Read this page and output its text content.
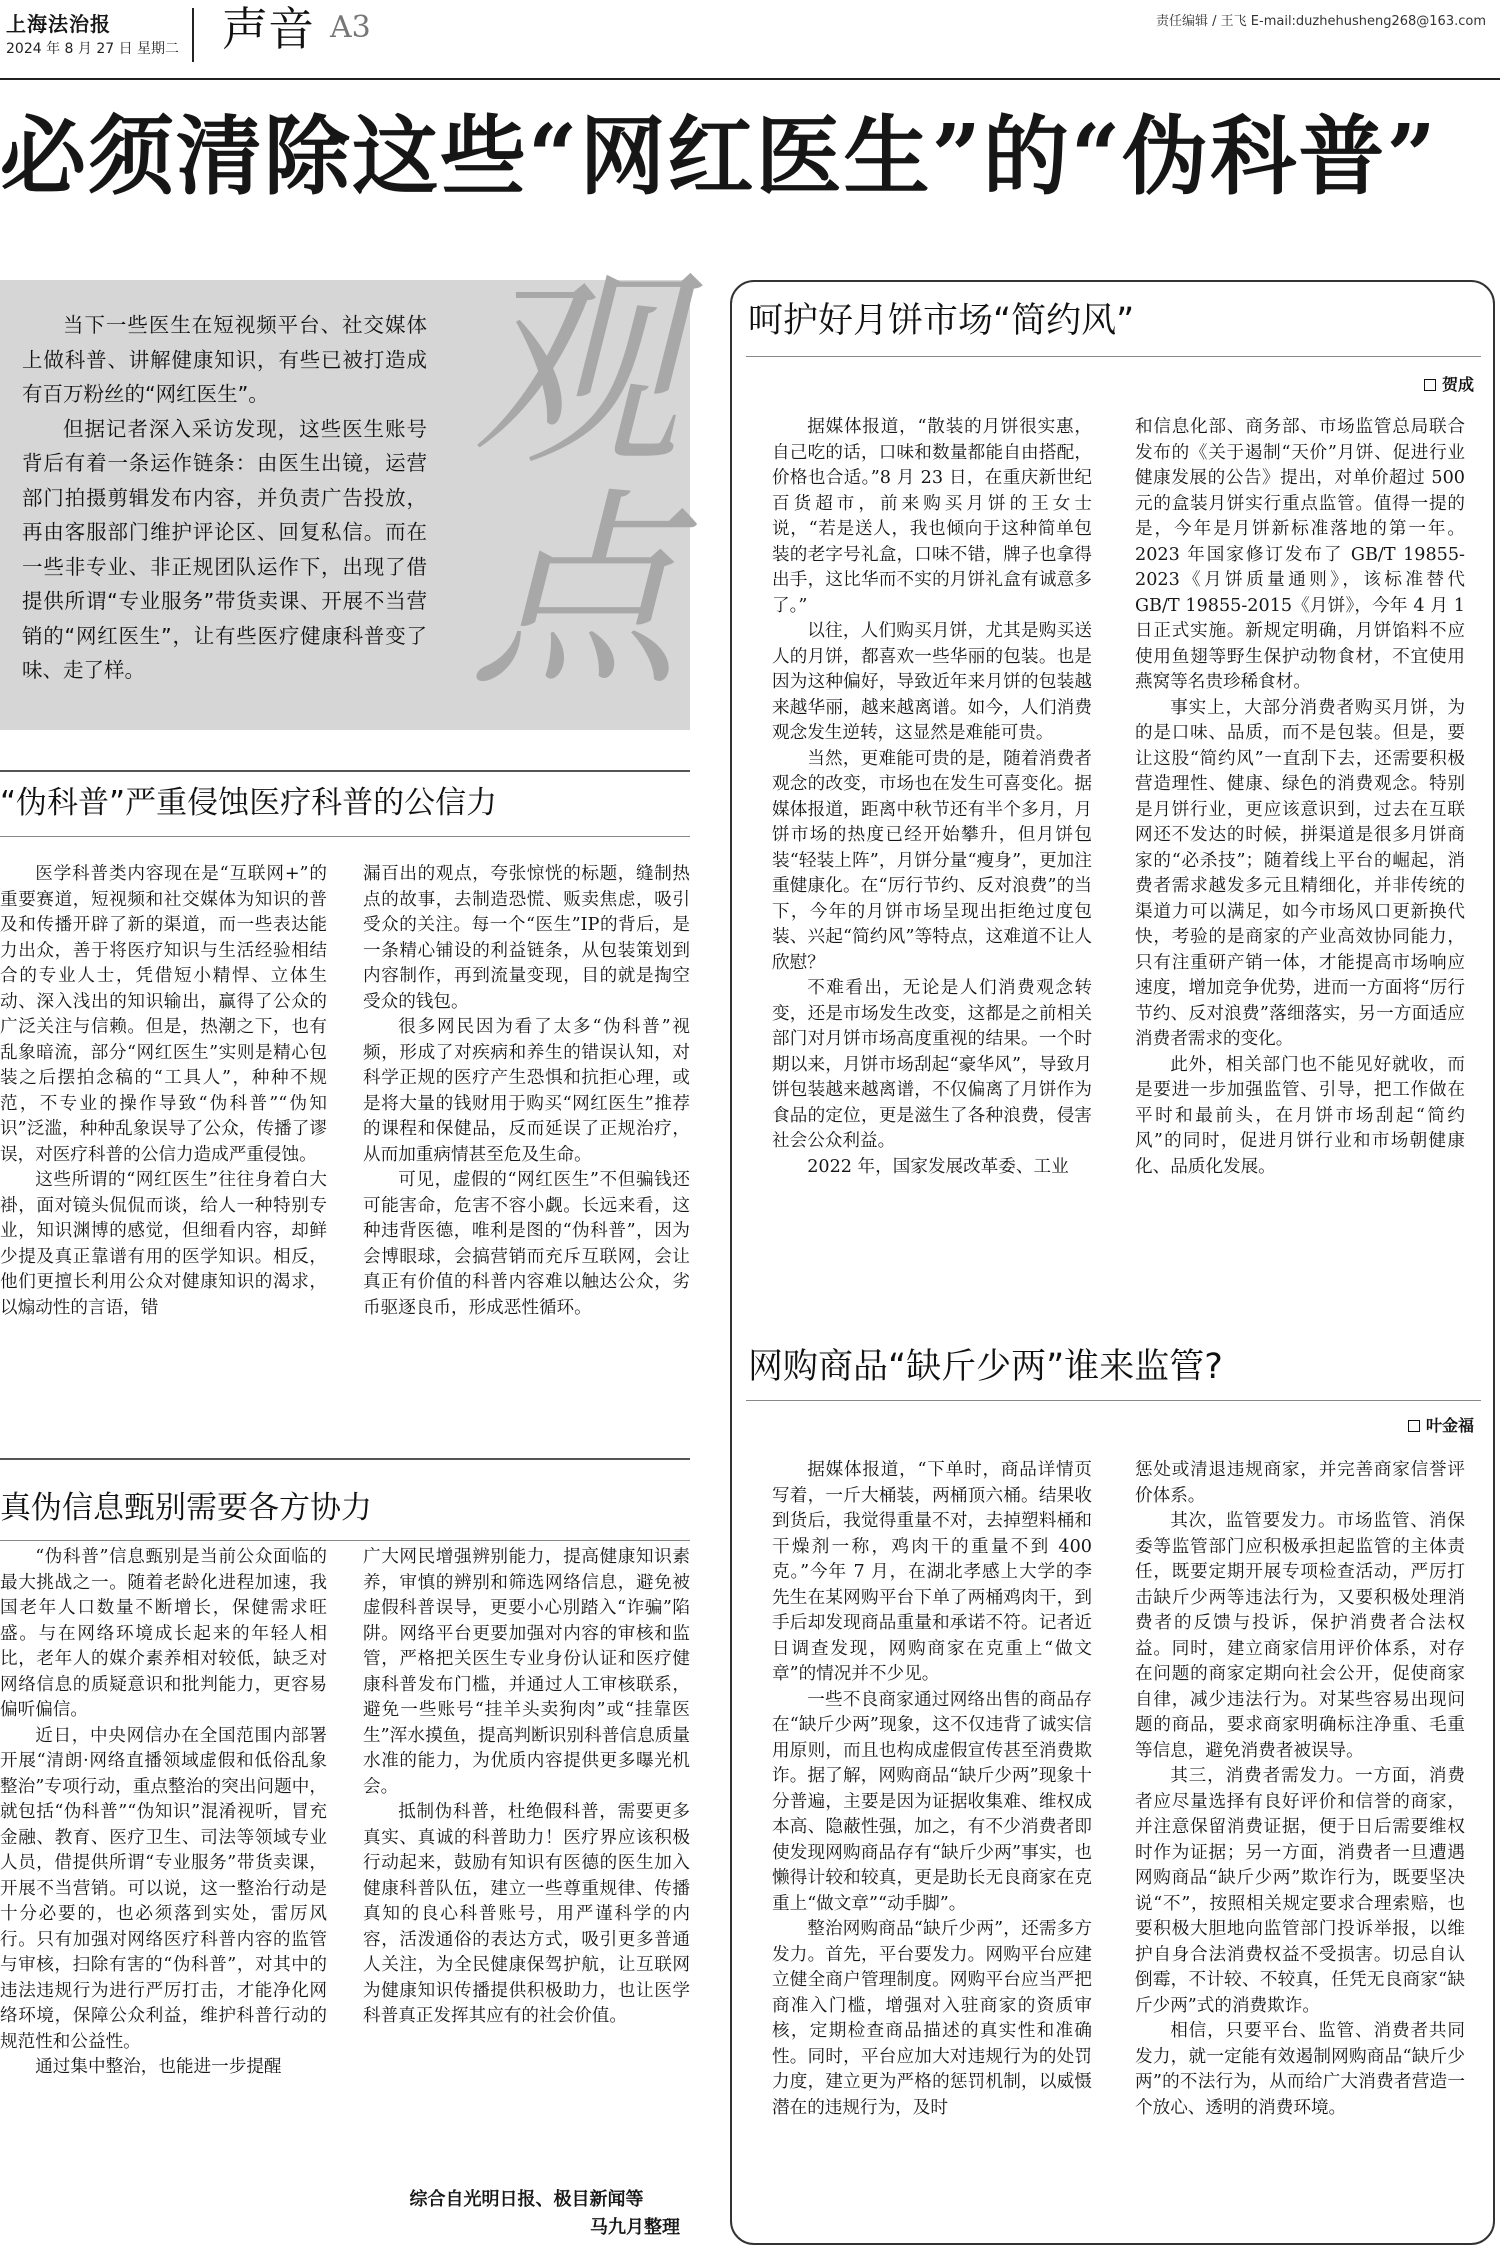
上海法治报
2024 年 8 月 27 日 星期二 声音 A3	责任编辑 / 王飞 E-mail:duzhehusheng268@163.com
必须清除这些“网红医生”的“伪科普”
观点

当下一些医生在短视频平台、社交媒体上做科普、讲解健康知识，有些已被打造成有百万粉丝的“网红医生”。

但据记者深入采访发现，这些医生账号背后有着一条运作链条：由医生出镜，运营部门拍摄剪辑发布内容，并负责广告投放，再由客服部门维护评论区、回复私信。而在一些非专业、非正规团队运作下，出现了借提供所谓“专业服务”带货卖课、开展不当营销的“网红医生”，让有些医疗健康科普变了味、走了样。

“伪科普”严重侵蚀医疗科普的公信力

医学科普类内容现在是“互联网+”的重要赛道，短视频和社交媒体为知识的普及和传播开辟了新的渠道，而一些表达能力出众，善于将医疗知识与生活经验相结合的专业人士，凭借短小精悍、立体生动、深入浅出的知识输出，赢得了公众的广泛关注与信赖。但是，热潮之下，也有乱象暗流，部分“网红医生”实则是精心包装之后摆拍念稿的“工具人”，种种不规范，不专业的操作导致“伪科普”“伪知识”泛滥，种种乱象误导了公众，传播了谬误，对医疗科普的公信力造成严重侵蚀。

这些所谓的“网红医生”往往身着白大褂，面对镜头侃侃而谈，给人一种特别专业，知识渊博的感觉，但细看内容，却鲜少提及真正靠谱有用的医学知识。相反，他们更擅长利用公众对健康知识的渴求，以煽动性的言语，错

漏百出的观点，夸张惊恍的标题，缝制热点的故事，去制造恐慌、贩卖焦虑，吸引受众的关注。每一个“医生”IP的背后，是一条精心铺设的利益链条，从包装策划到内容制作，再到流量变现，目的就是掏空受众的钱包。

很多网民因为看了太多“伪科普”视频，形成了对疾病和养生的错误认知，对科学正规的医疗产生恐惧和抗拒心理，或是将大量的钱财用于购买“网红医生”推荐的课程和保健品，反而延误了正规治疗，从而加重病情甚至危及生命。

可见，虚假的“网红医生”不但骗钱还可能害命，危害不容小觑。长远来看，这种违背医德，唯利是图的“伪科普”，因为会博眼球，会搞营销而充斥互联网，会让真正有价值的科普内容难以触达公众，劣币驱逐良币，形成恶性循环。

真伪信息甄别需要各方协力

“伪科普”信息甄别是当前公众面临的最大挑战之一。随着老龄化进程加速，我国老年人口数量不断增长，保健需求旺盛。与在网络环境成长起来的年轻人相比，老年人的媒介素养相对较低，缺乏对网络信息的质疑意识和批判能力，更容易偏听偏信。

近日，中央网信办在全国范围内部署开展“清朗·网络直播领域虚假和低俗乱象整治”专项行动，重点整治的突出问题中，就包括“伪科普”“伪知识”混淆视听，冒充金融、教育、医疗卫生、司法等领域专业人员，借提供所谓“专业服务”带货卖课，开展不当营销。可以说，这一整治行动是十分必要的，也必须落到实处，雷厉风行。只有加强对网络医疗科普内容的监管与审核，扫除有害的“伪科普”，对其中的违法违规行为进行严厉打击，才能净化网络环境，保障公众利益，维护科普行动的规范性和公益性。

通过集中整治，也能进一步提醒

广大网民增强辨别能力，提高健康知识素养，审慎的辨别和筛选网络信息，避免被虚假科普误导，更要小心別踏入“诈骗”陷阱。网络平台更要加强对内容的审核和监管，严格把关医生专业身份认证和医疗健康科普发布门槛，并通过人工审核联系，避免一些账号“挂羊头卖狗肉”或“挂靠医生”浑水摸鱼，提高判断识别科普信息质量水准的能力，为优质内容提供更多曝光机会。

抵制伪科普，杜绝假科普，需要更多真实、真诚的科普助力！医疗界应该积极行动起来，鼓励有知识有医德的医生加入健康科普队伍，建立一些尊重规律、传播真知的良心科普账号，用严谨科学的内容，活泼通俗的表达方式，吸引更多普通人关注，为全民健康保驾护航，让互联网为健康知识传播提供积极助力，也让医学科普真正发挥其应有的社会价值。

综合自光明日报、极目新闻等
马九月整理
呵护好月饼市场“简约风”
贺成

据媒体报道，“散装的月饼很实惠，自己吃的话，口味和数量都能自由搭配，价格也合适。”8 月 23 日，在重庆新世纪百货超市，前来购买月饼的王女士说，“若是送人，我也倾向于这种简单包装的老字号礼盒，口味不错，牌子也拿得出手，这比华而不实的月饼礼盒有诚意多了。”

以往，人们购买月饼，尤其是购买送人的月饼，都喜欢一些华丽的包装。也是因为这种偏好，导致近年来月饼的包装越来越华丽，越来越离谱。如今，人们消费观念发生逆转，这显然是难能可贵。

当然，更难能可贵的是，随着消费者观念的改变，市场也在发生可喜变化。据媒体报道，距离中秋节还有半个多月，月饼市场的热度已经开始攀升，但月饼包装“轻装上阵”，月饼分量“瘦身”，更加注重健康化。在“厉行节约、反对浪费”的当下，今年的月饼市场呈现出拒绝过度包装、兴起“简约风”等特点，这难道不让人欣慰？

不难看出，无论是人们消费观念转变，还是市场发生改变，这都是之前相关部门对月饼市场高度重视的结果。一个时期以来，月饼市场刮起“豪华风”，导致月饼包装越来越离谱，不仅偏离了月饼作为食品的定位，更是滋生了各种浪费，侵害社会公众利益。

2022 年，国家发展改革委、工业

和信息化部、商务部、市场监管总局联合发布的《关于遏制“天价”月饼、促进行业健康发展的公告》提出，对单价超过 500 元的盒装月饼实行重点监管。值得一提的是，今年是月饼新标准落地的第一年。2023 年国家修订发布了 GB/T 19855-2023《月饼质量通则》，该标准替代 GB/T 19855-2015《月饼》，今年 4 月 1 日正式实施。新规定明确，月饼馅料不应使用鱼翅等野生保护动物食材，不宜使用燕窝等名贵珍稀食材。

事实上，大部分消费者购买月饼，为的是口味、品质，而不是包装。但是，要让这股“简约风”一直刮下去，还需要积极营造理性、健康、绿色的消费观念。特别是月饼行业，更应该意识到，过去在互联网还不发达的时候，拼渠道是很多月饼商家的“必杀技”；随着线上平台的崛起，消费者需求越发多元且精细化，并非传统的渠道力可以满足，如今市场风口更新换代快，考验的是商家的产业高效协同能力，只有注重研产销一体，才能提高市场响应速度，增加竞争优势，进而一方面将“厉行节约、反对浪费”落细落实，另一方面适应消费者需求的变化。

此外，相关部门也不能见好就收，而是要进一步加强监管、引导，把工作做在平时和最前头，在月饼市场刮起“简约风”的同时，促进月饼行业和市场朝健康化、品质化发展。

网购商品“缺斤少两”谁来监管?
叶金福

据媒体报道，“下单时，商品详情页写着，一斤大桶装，两桶顶六桶。结果收到货后，我觉得重量不对，去掉塑料桶和干燥剂一称，鸡肉干的重量不到 400 克。”今年 7 月，在湖北孝感上大学的李先生在某网购平台下单了两桶鸡肉干，到手后却发现商品重量和承诺不符。记者近日调查发现，网购商家在克重上“做文章”的情况并不少见。

一些不良商家通过网络出售的商品存在“缺斤少两”现象，这不仅违背了诚实信用原则，而且也构成虚假宣传甚至消费欺诈。据了解，网购商品“缺斤少两”现象十分普遍，主要是因为证据收集难、维权成本高、隐蔽性强，加之，有不少消费者即使发现网购商品存有“缺斤少两”事实，也懒得计较和较真，更是助长无良商家在克重上“做文章”“动手脚”。

整治网购商品“缺斤少两”，还需多方发力。首先，平台要发力。网购平台应建立健全商户管理制度。网购平台应当严把商准入门槛，增强对入驻商家的资质审核，定期检查商品描述的真实性和准确性。同时，平台应加大对违规行为的处罚力度，建立更为严格的惩罚机制，以威慑潜在的违规行为，及时

惩处或清退违规商家，并完善商家信誉评价体系。

其次，监管要发力。市场监管、消保委等监管部门应积极承担起监管的主体责任，既要定期开展专项检查活动，严厉打击缺斤少两等违法行为，又要积极处理消费者的反馈与投诉，保护消费者合法权益。同时，建立商家信用评价体系，对存在问题的商家定期向社会公开，促使商家自律，减少违法行为。对某些容易出现问题的商品，要求商家明确标注净重、毛重等信息，避免消费者被误导。

其三，消费者需发力。一方面，消费者应尽量选择有良好评价和信誉的商家，并注意保留消费证据，便于日后需要维权时作为证据；另一方面，消费者一旦遭遇网购商品“缺斤少两”欺诈行为，既要坚决说“不”，按照相关规定要求合理索赔，也要积极大胆地向监管部门投诉举报，以维护自身合法消费权益不受损害。切忌自认倒霉，不计较、不较真，任凭无良商家“缺斤少两”式的消费欺诈。

相信，只要平台、监管、消费者共同发力，就一定能有效遏制网购商品“缺斤少两”的不法行为，从而给广大消费者营造一个放心、透明的消费环境。
